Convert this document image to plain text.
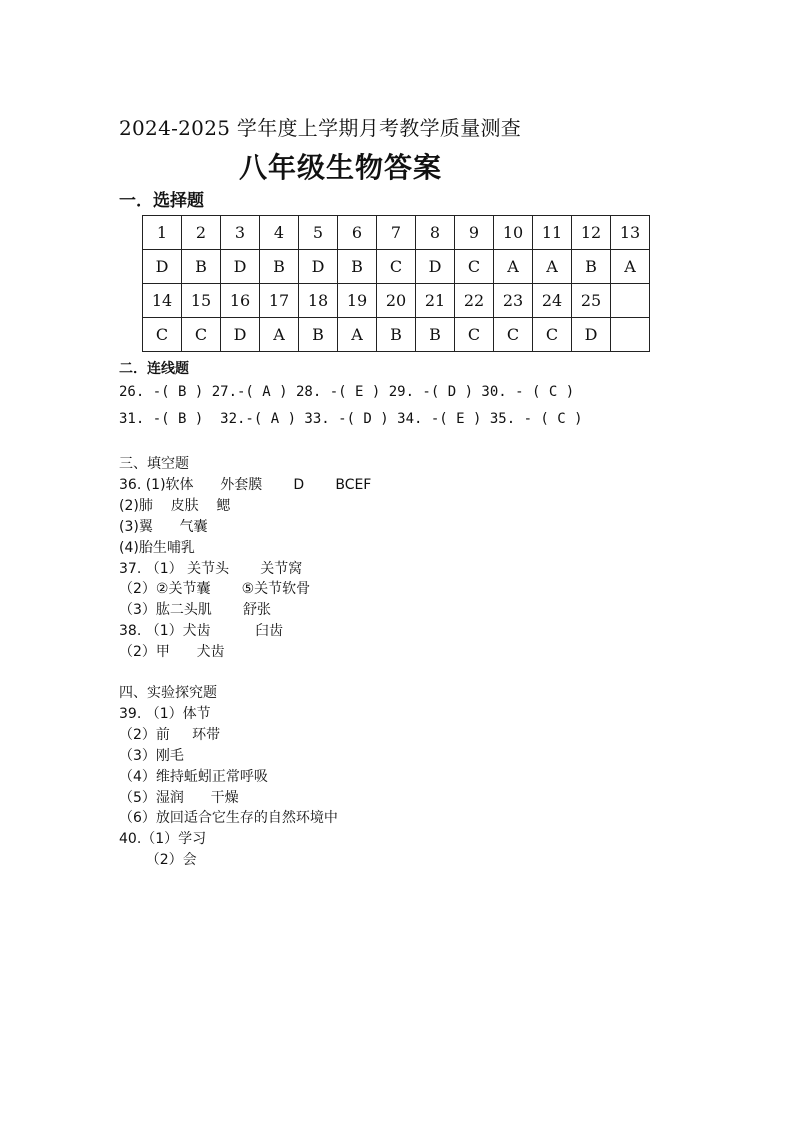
2024-2025 学年度上学期月考教学质量测查
八年级生物答案
一．选择题
1	2	3	4	5	6	7	8	9	10	11	12	13
D	B	D	B	D	B	C	D	C	A	A	B	A
14	15	16	17	18	19	20	21	22	23	24	25	
C	C	D	A	B	A	B	B	C	C	C	D	
二．连线题
26. -( B ) 27.-( A ) 28. -( E ) 29. -( D ) 30. - ( C )
31. -( B )  32.-( A ) 33. -( D ) 34. -( E ) 35. - ( C )
三、填空题
36. (1)软体      外套膜       D       BCEF
(2)肺    皮肤    鳃
(3)翼      气囊
(4)胎生哺乳
37. （1） 关节头       关节窝
（2）②关节囊       ⑤关节软骨
（3）肱二头肌       舒张
38. （1）犬齿          臼齿
（2）甲      犬齿
四、实验探究题
39. （1）体节
（2）前     环带
（3）刚毛
（4）维持蚯蚓正常呼吸
（5）湿润      干燥
（6）放回适合它生存的自然环境中
40.（1）学习
（2）会
